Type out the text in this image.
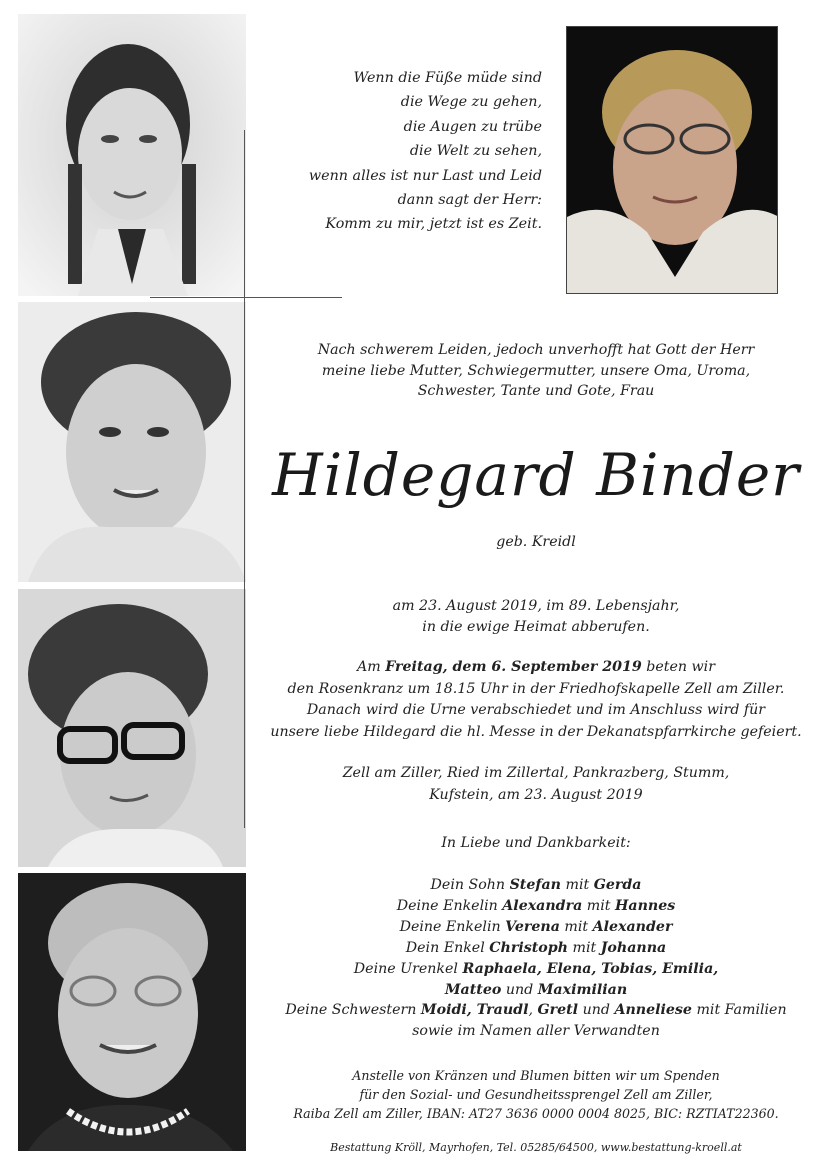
Wenn die Füße müde sind
die Wege zu gehen,
die Augen zu trübe
die Welt zu sehen,
wenn alles ist nur Last und Leid
dann sagt der Herr:
Komm zu mir, jetzt ist es Zeit.
Nach schwerem Leiden, jedoch unverhofft hat Gott der Herr
meine liebe Mutter, Schwiegermutter, unsere Oma, Uroma,
Schwester, Tante und Gote, Frau
Hildegard Binder
geb. Kreidl
am 23. August 2019, im 89. Lebensjahr,
in die ewige Heimat abberufen.
Am Freitag, dem 6. September 2019 beten wir
den Rosenkranz um 18.15 Uhr in der Friedhofskapelle Zell am Ziller.
Danach wird die Urne verabschiedet und im Anschluss wird für
unsere liebe Hildegard die hl. Messe in der Dekanatspfarrkirche gefeiert.
Zell am Ziller, Ried im Zillertal, Pankrazberg, Stumm,
Kufstein, am 23. August 2019
In Liebe und Dankbarkeit:
Dein Sohn Stefan mit Gerda
Deine Enkelin Alexandra mit Hannes
Deine Enkelin Verena mit Alexander
Dein Enkel Christoph mit Johanna
Deine Urenkel Raphaela, Elena, Tobias, Emilia,
Matteo und Maximilian
Deine Schwestern Moidi, Traudl, Gretl und Anneliese mit Familien
sowie im Namen aller Verwandten
Anstelle von Kränzen und Blumen bitten wir um Spenden
für den Sozial- und Gesundheitssprengel Zell am Ziller,
Raiba Zell am Ziller, IBAN: AT27 3636 0000 0004 8025, BIC: RZTIAT22360.
Bestattung Kröll, Mayrhofen, Tel. 05285/64500, www.bestattung-kroell.at
